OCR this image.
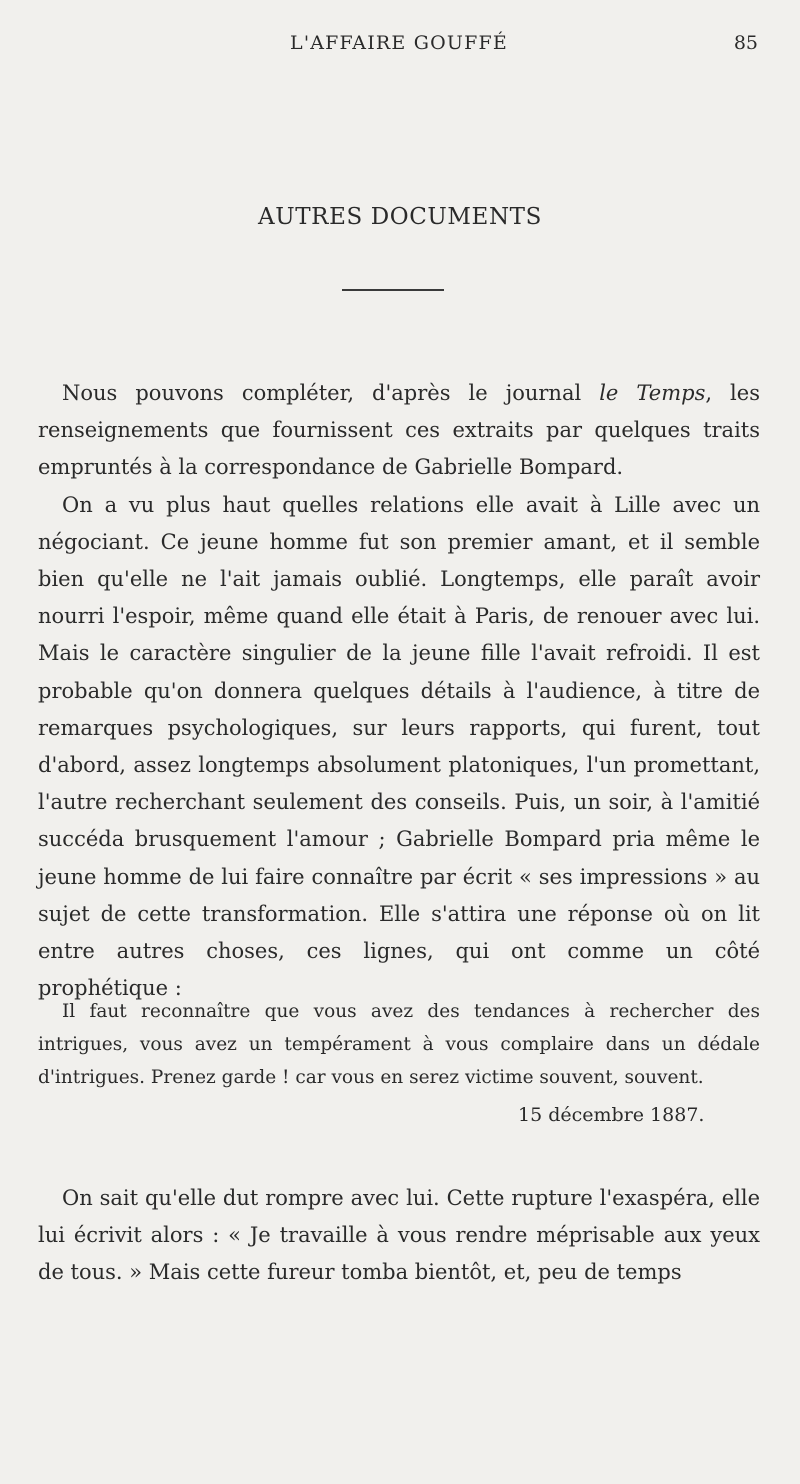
L'AFFAIRE GOUFFÉ	85
AUTRES DOCUMENTS

Nous pouvons compléter, d'après le journal le Temps, les renseignements que fournissent ces extraits par quelques traits empruntés à la correspondance de Gabrielle Bompard.

On a vu plus haut quelles relations elle avait à Lille avec un négociant. Ce jeune homme fut son premier amant, et il semble bien qu'elle ne l'ait jamais oublié. Longtemps, elle paraît avoir nourri l'espoir, même quand elle était à Paris, de renouer avec lui. Mais le caractère singulier de la jeune fille l'avait refroidi. Il est probable qu'on donnera quelques détails à l'audience, à titre de remarques psychologiques, sur leurs rapports, qui furent, tout d'abord, assez longtemps absolument platoniques, l'un promettant, l'autre recherchant seulement des conseils. Puis, un soir, à l'amitié succéda brusquement l'amour ; Gabrielle Bompard pria même le jeune homme de lui faire connaître par écrit « ses impressions » au sujet de cette transformation. Elle s'attira une réponse où on lit entre autres choses, ces lignes, qui ont comme un côté prophétique :

Il faut reconnaître que vous avez des tendances à rechercher des intrigues, vous avez un tempérament à vous complaire dans un dédale d'intrigues. Prenez garde ! car vous en serez victime souvent, souvent.
15 décembre 1887.

On sait qu'elle dut rompre avec lui. Cette rupture l'exaspéra, elle lui écrivit alors : « Je travaille à vous rendre méprisable aux yeux de tous. » Mais cette fureur tomba bientôt, et, peu de temps
